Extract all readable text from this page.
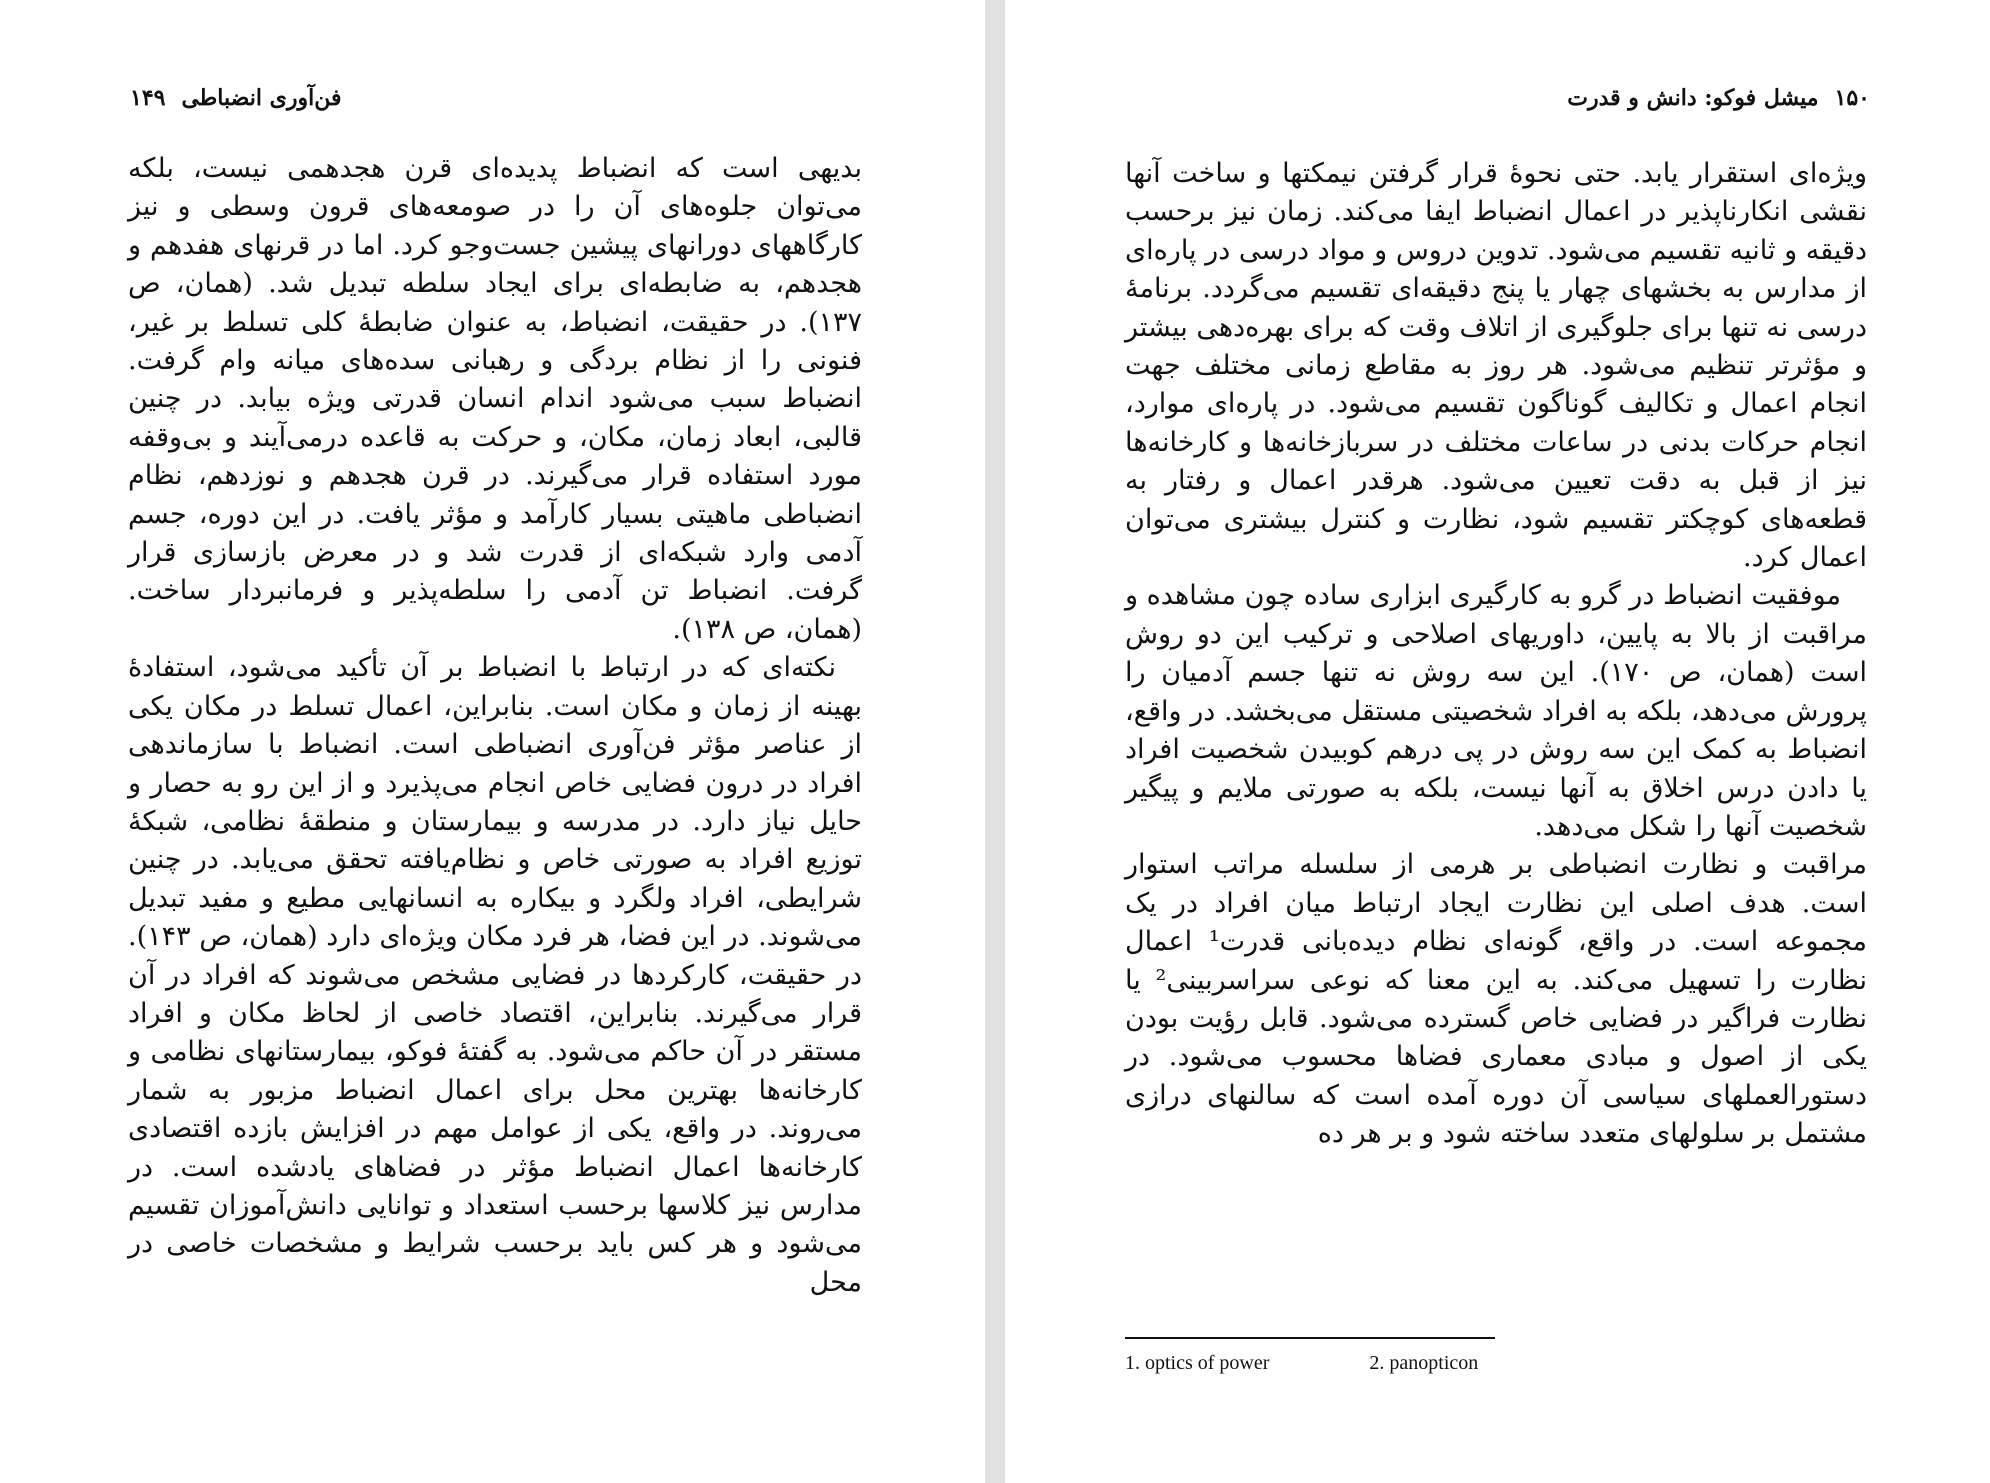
۱۴۹ فن‌آوری انضباطی

بدیهی است که انضباط پدیده‌ای قرن هجدهمی نیست، بلکه می‌توان جلوه‌های آن را در صومعه‌های قرون وسطی و نیز کارگاههای دورانهای پیشین جست‌وجو کرد. اما در قرنهای هفدهم و هجدهم، به ضابطه‌ای برای ایجاد سلطه تبدیل شد. (همان، ص ۱۳۷). در حقیقت، انضباط، به عنوان ضابطهٔ کلی تسلط بر غیر، فنونی را از نظام بردگی و رهبانی سده‌های میانه وام گرفت. انضباط سبب می‌شود اندام انسان قدرتی ویژه بیابد. در چنین قالبی، ابعاد زمان، مکان، و حرکت به قاعده درمی‌آیند و بی‌وقفه مورد استفاده قرار می‌گیرند. در قرن هجدهم و نوزدهم، نظام انضباطی ماهیتی بسیار کارآمد و مؤثر یافت. در این دوره، جسم آدمی وارد شبکه‌ای از قدرت شد و در معرض بازسازی قرار گرفت. انضباط تن آدمی را سلطه‌پذیر و فرمانبردار ساخت. (همان، ص ۱۳۸).

نکته‌ای که در ارتباط با انضباط بر آن تأکید می‌شود، استفادهٔ بهینه از زمان و مکان است. بنابراین، اعمال تسلط در مکان یکی از عناصر مؤثر فن‌آوری انضباطی است. انضباط با سازماندهی افراد در درون فضایی خاص انجام می‌پذیرد و از این رو به حصار و حایل نیاز دارد. در مدرسه و بیمارستان و منطقهٔ نظامی، شبکهٔ توزیع افراد به صورتی خاص و نظام‌یافته تحقق می‌یابد. در چنین شرایطی، افراد ولگرد و بیکاره به انسانهایی مطیع و مفید تبدیل می‌شوند. در این فضا، هر فرد مکان ویژه‌ای دارد (همان، ص ۱۴۳). در حقیقت، کارکردها در فضایی مشخص می‌شوند که افراد در آن قرار می‌گیرند. بنابراین، اقتصاد خاصی از لحاظ مکان و افراد مستقر در آن حاکم می‌شود. به گفتهٔ فوکو، بیمارستانهای نظامی و کارخانه‌ها بهترین محل برای اعمال انضباط مزبور به شمار می‌روند. در واقع، یکی از عوامل مهم در افزایش بازده اقتصادی کارخانه‌ها اعمال انضباط مؤثر در فضاهای یادشده است. در مدارس نیز کلاسها برحسب استعداد و توانایی دانش‌آموزان تقسیم می‌شود و هر کس باید برحسب شرایط و مشخصات خاصی در محل

۱۵۰
میشل فوکو: دانش و قدرت

ویژه‌ای استقرار یابد. حتی نحوهٔ قرار گرفتن نیمکتها و ساخت آنها نقشی انکارناپذیر در اعمال انضباط ایفا می‌کند. زمان نیز برحسب دقیقه و ثانیه تقسیم می‌شود. تدوین دروس و مواد درسی در پاره‌ای از مدارس به بخشهای چهار یا پنج دقیقه‌ای تقسیم می‌گردد. برنامهٔ درسی نه تنها برای جلوگیری از اتلاف وقت که برای بهره‌دهی بیشتر و مؤثرتر تنظیم می‌شود. هر روز به مقاطع زمانی مختلف جهت انجام اعمال و تکالیف گوناگون تقسیم می‌شود. در پاره‌ای موارد، انجام حرکات بدنی در ساعات مختلف در سربازخانه‌ها و کارخانه‌ها نیز از قبل به دقت تعیین می‌شود. هرقدر اعمال و رفتار به قطعه‌های کوچکتر تقسیم شود، نظارت و کنترل بیشتری می‌توان اعمال کرد.

موفقیت انضباط در گرو به کارگیری ابزاری ساده چون مشاهده و مراقبت از بالا به پایین، داوریهای اصلاحی و ترکیب این دو روش است (همان، ص ۱۷۰). این سه روش نه تنها جسم آدمیان را پرورش می‌دهد، بلکه به افراد شخصیتی مستقل می‌بخشد. در واقع، انضباط به کمک این سه روش در پی درهم کوبیدن شخصیت افراد یا دادن درس اخلاق به آنها نیست، بلکه به صورتی ملایم و پیگیر شخصیت آنها را شکل می‌دهد.

مراقبت و نظارت انضباطی بر هرمی از سلسله مراتب استوار است. هدف اصلی این نظارت ایجاد ارتباط میان افراد در یک مجموعه است. در واقع، گونه‌ای نظام دیده‌بانی قدرت¹ اعمال نظارت را تسهیل می‌کند. به این معنا که نوعی سراسربینی² یا نظارت فراگیر در فضایی خاص گسترده می‌شود. قابل رؤیت بودن یکی از اصول و مبادی معماری فضاها محسوب می‌شود. در دستورالعملهای سیاسی آن دوره آمده است که سالنهای درازی مشتمل بر سلولهای متعدد ساخته شود و بر هر ده

1. optics of power	2. panopticon
